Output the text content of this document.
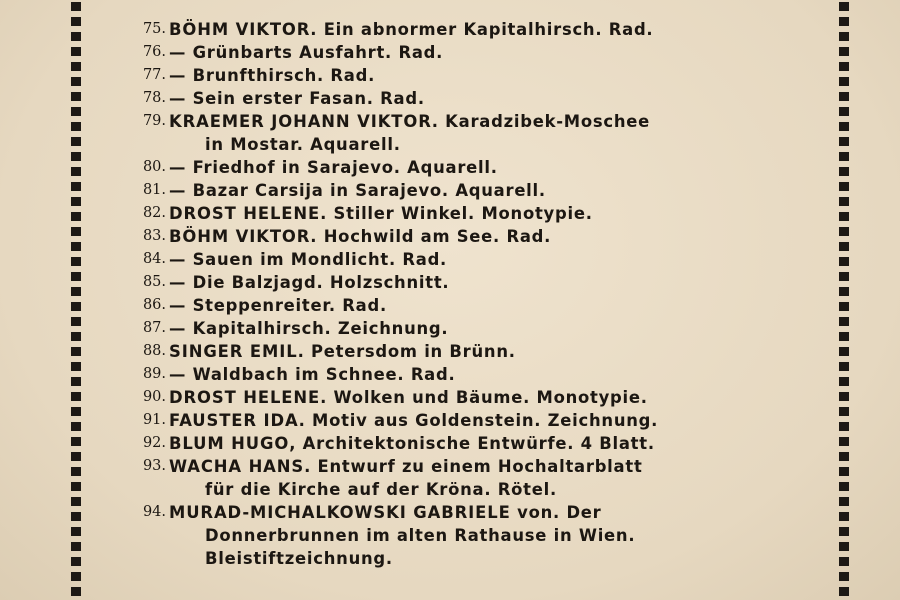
75. BÖHM VIKTOR. Ein abnormer Kapitalhirsch. Rad.
76. — Grünbarts Ausfahrt. Rad.
77. — Brunfthirsch. Rad.
78. — Sein erster Fasan. Rad.
79. KRAEMER JOHANN VIKTOR. Karadzibek-Moschee
in Mostar. Aquarell.
80. — Friedhof in Sarajevo. Aquarell.
81. — Bazar Carsija in Sarajevo. Aquarell.
82. DROST HELENE. Stiller Winkel. Monotypie.
83. BÖHM VIKTOR. Hochwild am See. Rad.
84. — Sauen im Mondlicht. Rad.
85. — Die Balzjagd. Holzschnitt.
86. — Steppenreiter. Rad.
87. — Kapitalhirsch. Zeichnung.
88. SINGER EMIL. Petersdom in Brünn.
89. — Waldbach im Schnee. Rad.
90. DROST HELENE. Wolken und Bäume. Monotypie.
91. FAUSTER IDA. Motiv aus Goldenstein. Zeichnung.
92. BLUM HUGO, Architektonische Entwürfe. 4 Blatt.
93. WACHA HANS. Entwurf zu einem Hochaltarblatt
für die Kirche auf der Kröna. Rötel.
94. MURAD-MICHALKOWSKI GABRIELE von. Der
Donnerbrunnen im alten Rathause in Wien.
Bleistiftzeichnung.
